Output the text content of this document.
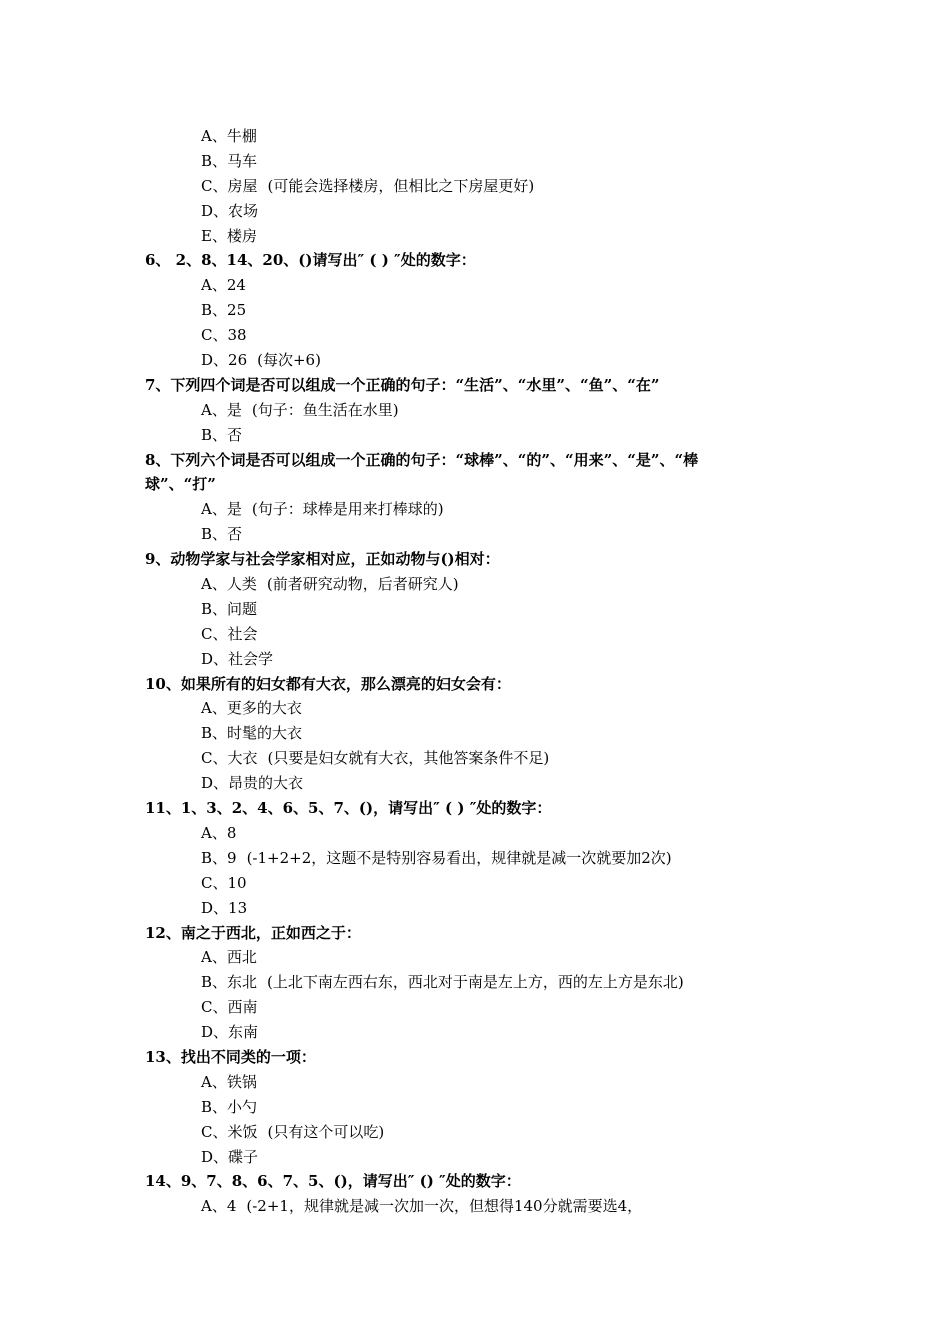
A、牛棚
B、马车
C、房屋 (可能会选择楼房，但相比之下房屋更好)
D、农场
E、楼房
6、 2、8、14、20、()请写出″ ( ) ″处的数字：
A、24
B、25
C、38
D、26 (每次+6)
7、下列四个词是否可以组成一个正确的句子：“生活”、“水里”、“鱼”、“在”
A、是 (句子：鱼生活在水里)
B、否
8、下列六个词是否可以组成一个正确的句子：“球棒”、“的”、“用来”、“是”、“棒
球”、“打”
A、是 (句子：球棒是用来打棒球的)
B、否
9、动物学家与社会学家相对应，正如动物与()相对：
A、人类 (前者研究动物，后者研究人)
B、问题
C、社会
D、社会学
10、如果所有的妇女都有大衣，那么漂亮的妇女会有：
A、更多的大衣
B、时髦的大衣
C、大衣 (只要是妇女就有大衣，其他答案条件不足)
D、昂贵的大衣
11、1、3、2、4、6、5、7、()，请写出″ ( ) ″处的数字：
A、8
B、9 (-1+2+2，这题不是特别容易看出，规律就是减一次就要加2次)
C、10
D、13
12、南之于西北，正如西之于：
A、西北
B、东北 (上北下南左西右东，西北对于南是左上方，西的左上方是东北)
C、西南
D、东南
13、找出不同类的一项：
A、铁锅
B、小勺
C、米饭 (只有这个可以吃)
D、碟子
14、9、7、8、6、7、5、()，请写出″ () ″处的数字：
A、4 (-2+1，规律就是减一次加一次，但想得140分就需要选4，
